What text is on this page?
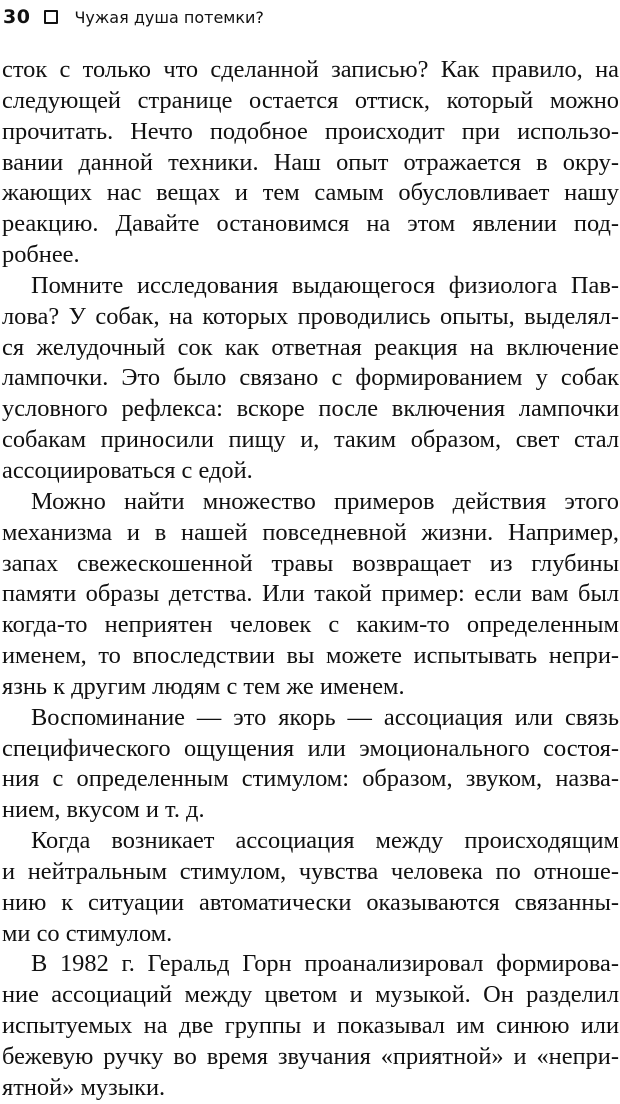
30	Чужая душа потемки?
сток с только что сделанной записью? Как правило, на
следующей странице остается оттиск, который можно
прочитать. Нечто подобное происходит при использо-
вании данной техники. Наш опыт отражается в окру-
жающих нас вещах и тем самым обусловливает нашу
реакцию. Давайте остановимся на этом явлении под-
робнее.
Помните исследования выдающегося физиолога Пав-
лова? У собак, на которых проводились опыты, выделял-
ся желудочный сок как ответная реакция на включение
лампочки. Это было связано с формированием у собак
условного рефлекса: вскоре после включения лампочки
собакам приносили пищу и, таким образом, свет стал
ассоциироваться с едой.
Можно найти множество примеров действия этого
механизма и в нашей повседневной жизни. Например,
запах свежескошенной травы возвращает из глубины
памяти образы детства. Или такой пример: если вам был
когда-то неприятен человек с каким-то определенным
именем, то впоследствии вы можете испытывать непри-
язнь к другим людям с тем же именем.
Воспоминание — это якорь — ассоциация или связь
специфического ощущения или эмоционального состоя-
ния с определенным стимулом: образом, звуком, назва-
нием, вкусом и т. д.
Когда возникает ассоциация между происходящим
и нейтральным стимулом, чувства человека по отноше-
нию к ситуации автоматически оказываются связанны-
ми со стимулом.
В 1982 г. Геральд Горн проанализировал формирова-
ние ассоциаций между цветом и музыкой. Он разделил
испытуемых на две группы и показывал им синюю или
бежевую ручку во время звучания «приятной» и «непри-
ятной» музыки.
